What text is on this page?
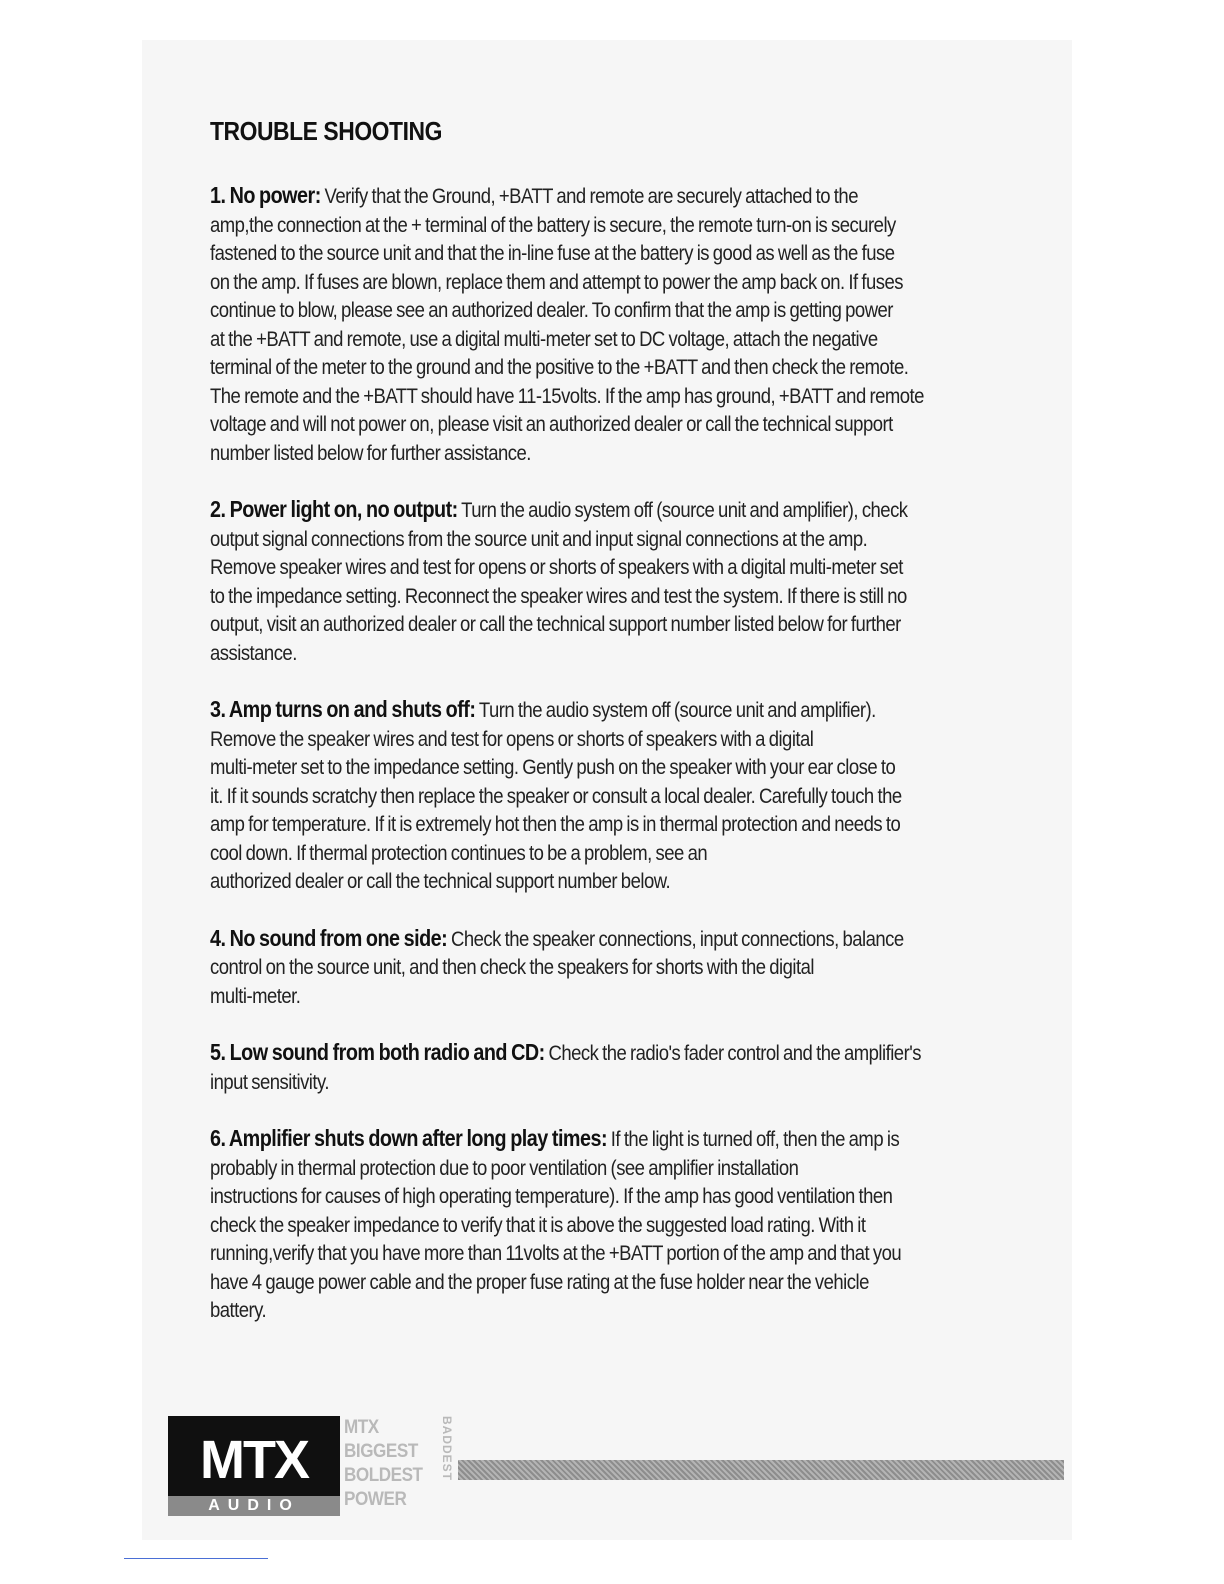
TROUBLE SHOOTING
1. No power: Verify that the Ground, +BATT and remote are securely attached to the
amp,the connection at the + terminal of the battery is secure, the remote turn-on is securely
fastened to the source unit and that the in-line fuse at the battery is good as well as the fuse
on the amp. If fuses are blown, replace them and attempt to power the amp back on. If fuses
continue to blow, please see an authorized dealer. To confirm that the amp is getting power
at the +BATT and remote, use a digital multi-meter set to DC voltage, attach the negative
terminal of the meter to the ground and the positive to the +BATT and then check the remote.
The remote and the +BATT should have 11-15volts. If the amp has ground, +BATT and remote
voltage and will not power on, please visit an authorized dealer or call the technical support
number listed below for further assistance.
2. Power light on, no output: Turn the audio system off (source unit and amplifier), check
output signal connections from the source unit and input signal connections at the amp.
Remove speaker wires and test for opens or shorts of speakers with a digital multi-meter set
to the impedance setting. Reconnect the speaker wires and test the system. If there is still no
output, visit an authorized dealer or call the technical support number listed below for further
assistance.
3. Amp turns on and shuts off: Turn the audio system off (source unit and amplifier).
Remove the speaker wires and test for opens or shorts of speakers with a digital
multi-meter set to the impedance setting. Gently push on the speaker with your ear close to
it. If it sounds scratchy then replace the speaker or consult a local dealer. Carefully touch the
amp for temperature. If it is extremely hot then the amp is in thermal protection and needs to
cool down. If thermal protection continues to be a problem, see an
authorized dealer or call the technical support number below.
4. No sound from one side: Check the speaker connections, input connections, balance
control on the source unit, and then check the speakers for shorts with the digital
multi-meter.
5. Low sound from both radio and CD: Check the radio's fader control and the amplifier's
input sensitivity.
6. Amplifier shuts down after long play times: If the light is turned off, then the amp is
probably in thermal protection due to poor ventilation (see amplifier installation
instructions for causes of high operating temperature). If the amp has good ventilation then
check the speaker impedance to verify that it is above the suggested load rating. With it
running,verify that you have more than 11volts at the +BATT portion of the amp and that you
have 4 gauge power cable and the proper fuse rating at the fuse holder near the vehicle
battery.
MTX
AUDIO
MTX
BIGGEST
BOLDEST
POWER
BADDEST
